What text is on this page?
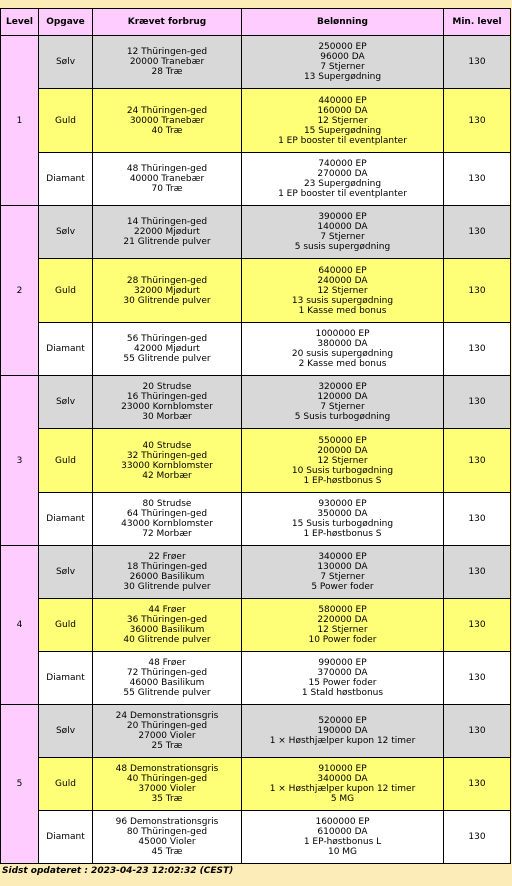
Level	Opgave	Krævet forbrug	Belønning	Min. level
1	Sølv	12 Thüringen-ged
20000 Tranebær
28 Træ	250000 EP
96000 DA
7 Stjerner
13 Supergødning	130
	Guld	24 Thüringen-ged
30000 Tranebær
40 Træ	440000 EP
160000 DA
12 Stjerner
15 Supergødning
1 EP booster til eventplanter	130
	Diamant	48 Thüringen-ged
40000 Tranebær
70 Træ	740000 EP
270000 DA
23 Supergødning
1 EP booster til eventplanter	130
2	Sølv	14 Thüringen-ged
22000 Mjødurt
21 Glitrende pulver	390000 EP
140000 DA
7 Stjerner
5 susis supergødning	130
	Guld	28 Thüringen-ged
32000 Mjødurt
30 Glitrende pulver	640000 EP
240000 DA
12 Stjerner
13 susis supergødning
1 Kasse med bonus	130
	Diamant	56 Thüringen-ged
42000 Mjødurt
55 Glitrende pulver	1000000 EP
380000 DA
20 susis supergødning
2 Kasse med bonus	130
3	Sølv	20 Strudse
16 Thüringen-ged
23000 Kornblomster
30 Morbær	320000 EP
120000 DA
7 Stjerner
5 Susis turbogødning	130
	Guld	40 Strudse
32 Thüringen-ged
33000 Kornblomster
42 Morbær	550000 EP
200000 DA
12 Stjerner
10 Susis turbogødning
1 EP-høstbonus S	130
	Diamant	80 Strudse
64 Thüringen-ged
43000 Kornblomster
72 Morbær	930000 EP
350000 DA
15 Susis turbogødning
1 EP-høstbonus S	130
4	Sølv	22 Frøer
18 Thüringen-ged
26000 Basilikum
30 Glitrende pulver	340000 EP
130000 DA
7 Stjerner
5 Power foder	130
	Guld	44 Frøer
36 Thüringen-ged
36000 Basilikum
40 Glitrende pulver	580000 EP
220000 DA
12 Stjerner
10 Power foder	130
	Diamant	48 Frøer
72 Thüringen-ged
46000 Basilikum
55 Glitrende pulver	990000 EP
370000 DA
15 Power foder
1 Stald høstbonus	130
5	Sølv	24 Demonstrationsgris
20 Thüringen-ged
27000 Violer
25 Træ	520000 EP
190000 DA
1 × Høsthjælper kupon 12 timer	130
	Guld	48 Demonstrationsgris
40 Thüringen-ged
37000 Violer
35 Træ	910000 EP
340000 DA
1 × Høsthjælper kupon 12 timer
5 MG	130
	Diamant	96 Demonstrationsgris
80 Thüringen-ged
45000 Violer
45 Træ	1600000 EP
610000 DA
1 EP-høstbonus L
10 MG	130
Sidst opdateret : 2023-04-23 12:02:32 (CEST)
